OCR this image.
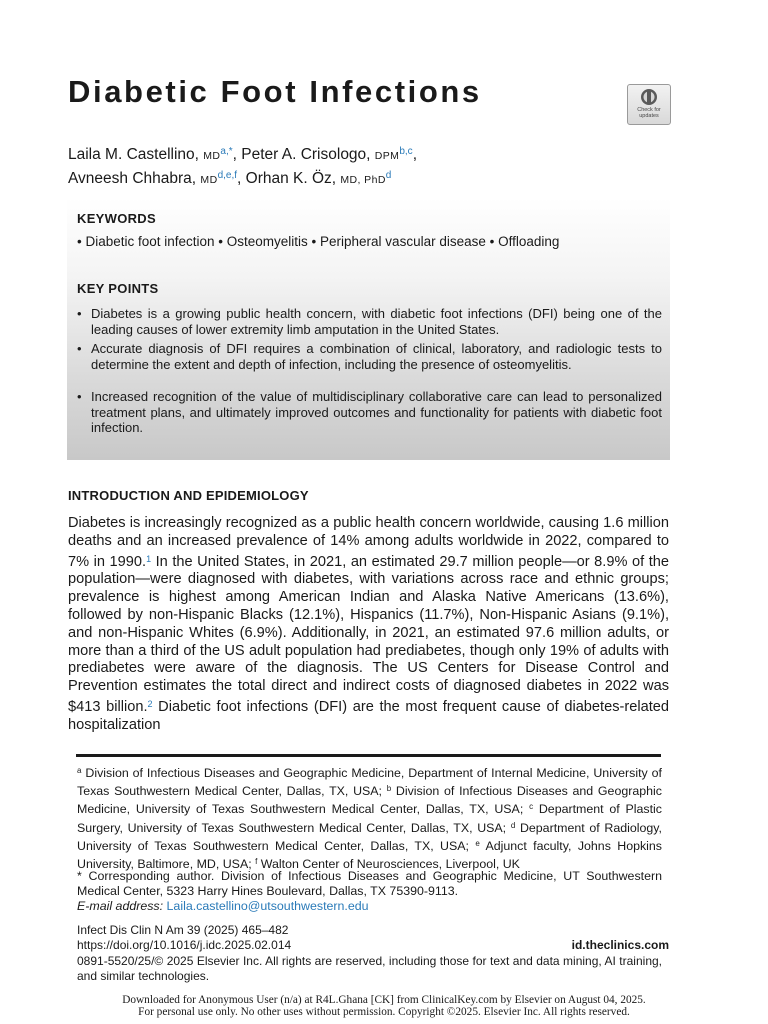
Diabetic Foot Infections
Check for
updates
Laila M. Castellino, $MD^{a,*}$, Peter A. Crisologo, DPM$^{b,c}$,
Avneesh Chhabra, MD$^{d,e,f}$, Orhan K. Öz, MD, PhD$^d$
KEYWORDS
• Diabetic foot infection • Osteomyelitis • Peripheral vascular disease • Offloading
KEY POINTS
• Diabetes is a growing public health concern, with diabetic foot infections (DFI) being one of the leading causes of lower extremity limb amputation in the United States.
• Accurate diagnosis of DFI requires a combination of clinical, laboratory, and radiologic tests to determine the extent and depth of infection, including the presence of osteomyelitis.
• Increased recognition of the value of multidisciplinary collaborative care can lead to personalized treatment plans, and ultimately improved outcomes and functionality for patients with diabetic foot infection.
INTRODUCTION AND EPIDEMIOLOGY

Diabetes is increasingly recognized as a public health concern worldwide, causing 1.6 million deaths and an increased prevalence of 14% among adults worldwide in 2022, compared to 7% in 1990.$^1$ In the United States, in 2021, an estimated 29.7 million people—or 8.9% of the population—were diagnosed with diabetes, with variations across race and ethnic groups; prevalence is highest among American Indian and Alaska Native Americans (13.6%), followed by non-Hispanic Blacks (12.1%), Hispanics (11.7%), Non-Hispanic Asians (9.1%), and non-Hispanic Whites (6.9%). Additionally, in 2021, an estimated 97.6 million adults, or more than a third of the US adult population had prediabetes, though only 19% of adults with prediabetes were aware of the diagnosis. The US Centers for Disease Control and Prevention estimates the total direct and indirect costs of diagnosed diabetes in 2022 was $413 billion.$^2$ Diabetic foot infections (DFI) are the most frequent cause of diabetes-related hospitalization

$^a$ Division of Infectious Diseases and Geographic Medicine, Department of Internal Medicine, University of Texas Southwestern Medical Center, Dallas, TX, USA; $^b$ Division of Infectious Diseases and Geographic Medicine, University of Texas Southwestern Medical Center, Dallas, TX, USA; $^c$ Department of Plastic Surgery, University of Texas Southwestern Medical Center, Dallas, TX, USA; $^d$ Department of Radiology, University of Texas Southwestern Medical Center, Dallas, TX, USA; $^e$ Adjunct faculty, Johns Hopkins University, Baltimore, MD, USA; $^f$ Walton Center of Neurosciences, Liverpool, UK

* Corresponding author. Division of Infectious Diseases and Geographic Medicine, UT Southwestern Medical Center, 5323 Harry Hines Boulevard, Dallas, TX 75390-9113.

E-mail address: Laila.castellino@utsouthwestern.edu

Infect Dis Clin N Am 39 (2025) 465–482
https://doi.org/10.1016/j.idc.2025.02.014	id.theclinics.com

0891-5520/25/© 2025 Elsevier Inc. All rights are reserved, including those for text and data mining, AI training, and similar technologies.

Downloaded for Anonymous User (n/a) at R4L.Ghana [CK] from ClinicalKey.com by Elsevier on August 04, 2025.
For personal use only. No other uses without permission. Copyright ©2025. Elsevier Inc. All rights reserved.
